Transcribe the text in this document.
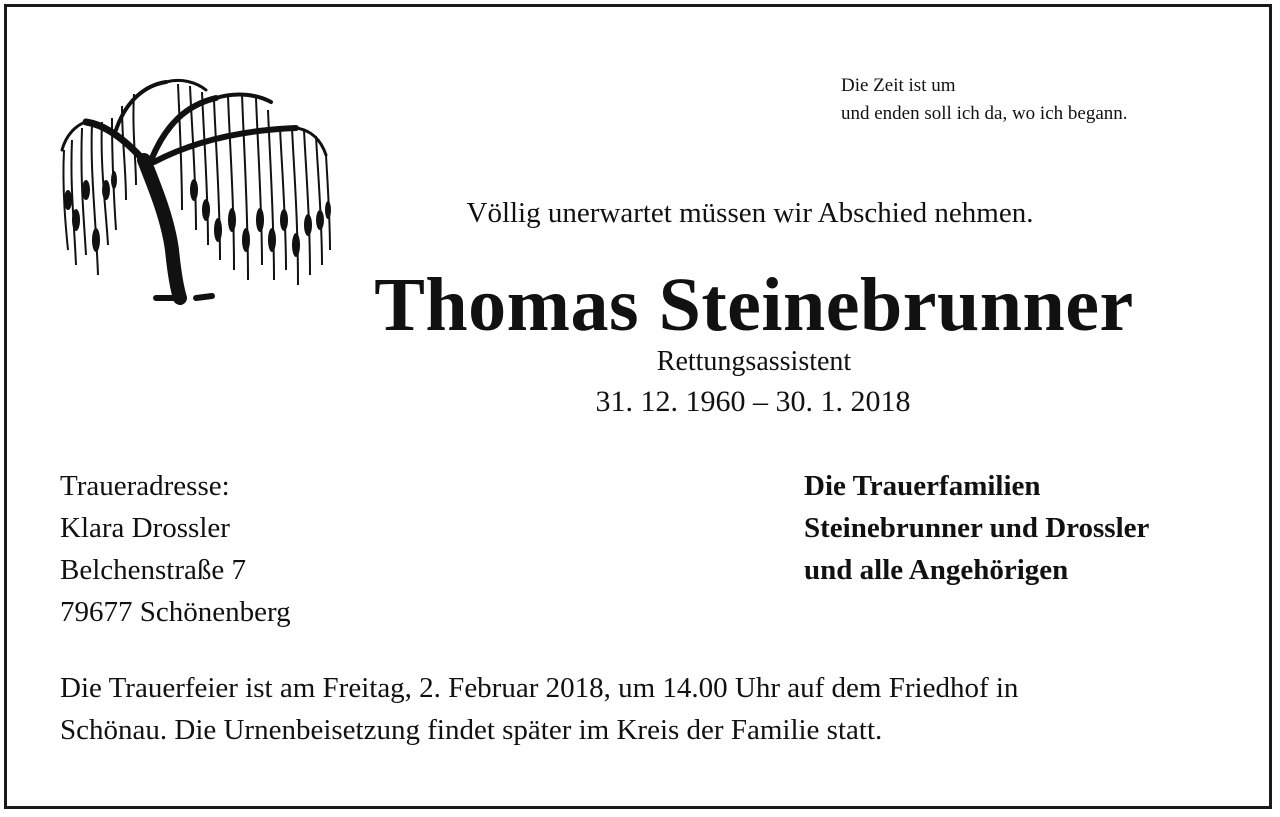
Die Zeit ist um
und enden soll ich da, wo ich begann.
Völlig unerwartet müssen wir Abschied nehmen.
Thomas Steinebrunner
Rettungsassistent
31. 12. 1960 – 30. 1. 2018
Traueradresse:
Klara Drossler
Belchenstraße 7
79677 Schönenberg
Die Trauerfamilien
Steinebrunner und Drossler
und alle Angehörigen
Die Trauerfeier ist am Freitag, 2. Februar 2018, um 14.00 Uhr auf dem Friedhof in
Schönau. Die Urnenbeisetzung findet später im Kreis der Familie statt.
